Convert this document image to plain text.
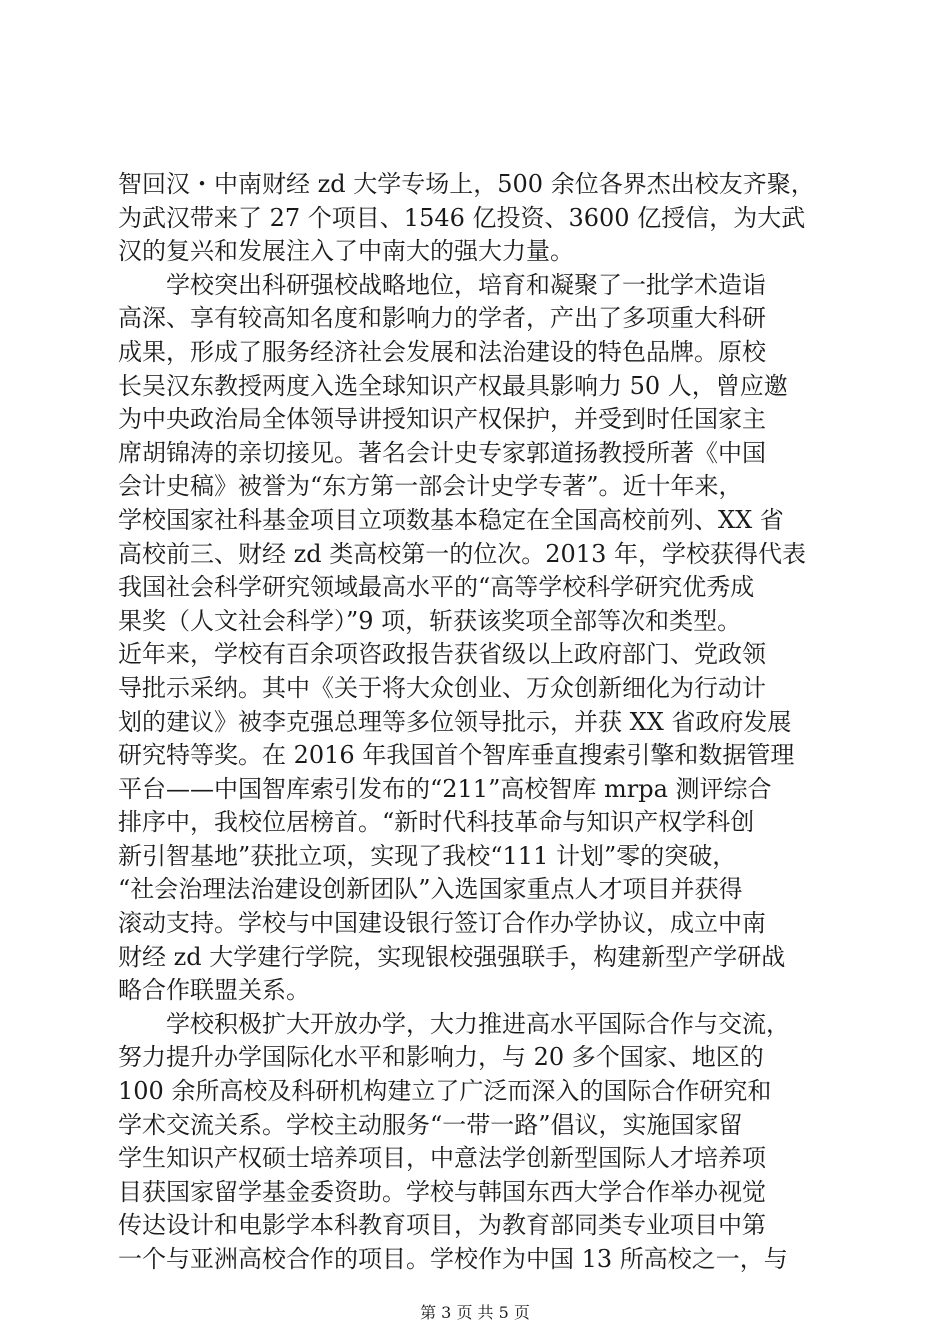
智回汉・中南财经 zd 大学专场上，500 余位各界杰出校友齐聚，
为武汉带来了 27 个项目、1546 亿投资、3600 亿授信，为大武
汉的复兴和发展注入了中南大的强大力量。
　　学校突出科研强校战略地位，培育和凝聚了一批学术造诣
高深、享有较高知名度和影响力的学者，产出了多项重大科研
成果，形成了服务经济社会发展和法治建设的特色品牌。原校
长吴汉东教授两度入选全球知识产权最具影响力 50 人，曾应邀
为中央政治局全体领导讲授知识产权保护，并受到时任国家主
席胡锦涛的亲切接见。著名会计史专家郭道扬教授所著《中国
会计史稿》被誉为“东方第一部会计史学专著”。近十年来，
学校国家社科基金项目立项数基本稳定在全国高校前列、XX 省
高校前三、财经 zd 类高校第一的位次。2013 年，学校获得代表
我国社会科学研究领域最高水平的“高等学校科学研究优秀成
果奖（人文社会科学）”9 项，斩获该奖项全部等次和类型。
近年来，学校有百余项咨政报告获省级以上政府部门、党政领
导批示采纳。其中《关于将大众创业、万众创新细化为行动计
划的建议》被李克强总理等多位领导批示，并获 XX 省政府发展
研究特等奖。在 2016 年我国首个智库垂直搜索引擎和数据管理
平台——中国智库索引发布的“211”高校智库 mrpa 测评综合
排序中，我校位居榜首。“新时代科技革命与知识产权学科创
新引智基地”获批立项，实现了我校“111 计划”零的突破，
“社会治理法治建设创新团队”入选国家重点人才项目并获得
滚动支持。学校与中国建设银行签订合作办学协议，成立中南
财经 zd 大学建行学院，实现银校强强联手，构建新型产学研战
略合作联盟关系。
　　学校积极扩大开放办学，大力推进高水平国际合作与交流，
努力提升办学国际化水平和影响力，与 20 多个国家、地区的
100 余所高校及科研机构建立了广泛而深入的国际合作研究和
学术交流关系。学校主动服务“一带一路”倡议，实施国家留
学生知识产权硕士培养项目，中意法学创新型国际人才培养项
目获国家留学基金委资助。学校与韩国东西大学合作举办视觉
传达设计和电影学本科教育项目，为教育部同类专业项目中第
一个与亚洲高校合作的项目。学校作为中国 13 所高校之一，与
第 3 页 共 5 页
